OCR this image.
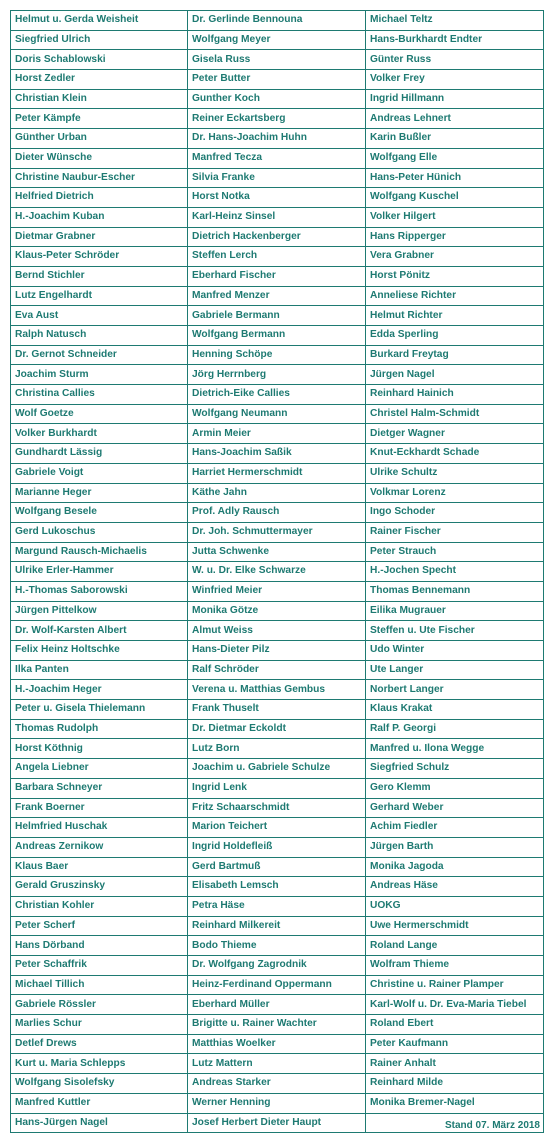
Helmut u. Gerda Weisheit	Dr. Gerlinde Bennouna	Michael Teltz
Siegfried Ulrich	Wolfgang Meyer	Hans-Burkhardt Endter
Doris Schablowski	Gisela Russ	Günter Russ
Horst Zedler	Peter Butter	Volker Frey
Christian Klein	Gunther Koch	Ingrid Hillmann
Peter Kämpfe	Reiner Eckartsberg	Andreas Lehnert
Günther Urban	Dr. Hans-Joachim Huhn	Karin Bußler
Dieter Wünsche	Manfred Tecza	Wolfgang Elle
Christine Naubur-Escher	Silvia Franke	Hans-Peter Hünich
Helfried Dietrich	Horst Notka	Wolfgang Kuschel
H.-Joachim Kuban	Karl-Heinz Sinsel	Volker Hilgert
Dietmar Grabner	Dietrich Hackenberger	Hans Ripperger
Klaus-Peter Schröder	Steffen Lerch	Vera Grabner
Bernd Stichler	Eberhard Fischer	Horst Pönitz
Lutz Engelhardt	Manfred Menzer	Anneliese Richter
Eva Aust	Gabriele Bermann	Helmut Richter
Ralph Natusch	Wolfgang Bermann	Edda Sperling
Dr. Gernot Schneider	Henning Schöpe	Burkard Freytag
Joachim Sturm	Jörg Herrnberg	Jürgen Nagel
Christina Callies	Dietrich-Eike Callies	Reinhard Hainich
Wolf Goetze	Wolfgang Neumann	Christel Halm-Schmidt
Volker Burkhardt	Armin Meier	Dietger Wagner
Gundhardt Lässig	Hans-Joachim Saßik	Knut-Eckhardt Schade
Gabriele Voigt	Harriet Hermerschmidt	Ulrike Schultz
Marianne Heger	Käthe Jahn	Volkmar Lorenz
Wolfgang Besele	Prof. Adly Rausch	Ingo Schoder
Gerd Lukoschus	Dr. Joh. Schmuttermayer	Rainer Fischer
Margund Rausch-Michaelis	Jutta Schwenke	Peter Strauch
Ulrike Erler-Hammer	W. u. Dr. Elke Schwarze	H.-Jochen Specht
H.-Thomas Saborowski	Winfried Meier	Thomas Bennemann
Jürgen Pittelkow	Monika Götze	Eilika Mugrauer
Dr. Wolf-Karsten Albert	Almut Weiss	Steffen u. Ute Fischer
Felix Heinz Holtschke	Hans-Dieter Pilz	Udo Winter
Ilka Panten	Ralf Schröder	Ute Langer
H.-Joachim Heger	Verena u. Matthias Gembus	Norbert Langer
Peter u. Gisela Thielemann	Frank Thuselt	Klaus Krakat
Thomas Rudolph	Dr. Dietmar Eckoldt	Ralf P. Georgi
Horst Köthnig	Lutz Born	Manfred u. Ilona Wegge
Angela Liebner	Joachim u. Gabriele Schulze	Siegfried Schulz
Barbara Schneyer	Ingrid Lenk	Gero Klemm
Frank Boerner	Fritz Schaarschmidt	Gerhard Weber
Helmfried Huschak	Marion Teichert	Achim Fiedler
Andreas Zernikow	Ingrid Holdefleiß	Jürgen Barth
Klaus Baer	Gerd Bartmuß	Monika Jagoda
Gerald Gruszinsky	Elisabeth Lemsch	Andreas Häse
Christian Kohler	Petra Häse	UOKG
Peter Scherf	Reinhard Milkereit	Uwe Hermerschmidt
Hans Dörband	Bodo Thieme	Roland Lange
Peter Schaffrik	Dr. Wolfgang Zagrodnik	Wolfram Thieme
Michael Tillich	Heinz-Ferdinand Oppermann	Christine u. Rainer Plamper
Gabriele Rössler	Eberhard Müller	Karl-Wolf u. Dr. Eva-Maria Tiebel
Marlies Schur	Brigitte u. Rainer Wachter	Roland Ebert
Detlef Drews	Matthias Woelker	Peter Kaufmann
Kurt u. Maria Schlepps	Lutz Mattern	Rainer Anhalt
Wolfgang Sisolefsky	Andreas Starker	Reinhard Milde
Manfred Kuttler	Werner Henning	Monika Bremer-Nagel
Hans-Jürgen Nagel	Josef Herbert Dieter Haupt		Stand 07. März 2018
